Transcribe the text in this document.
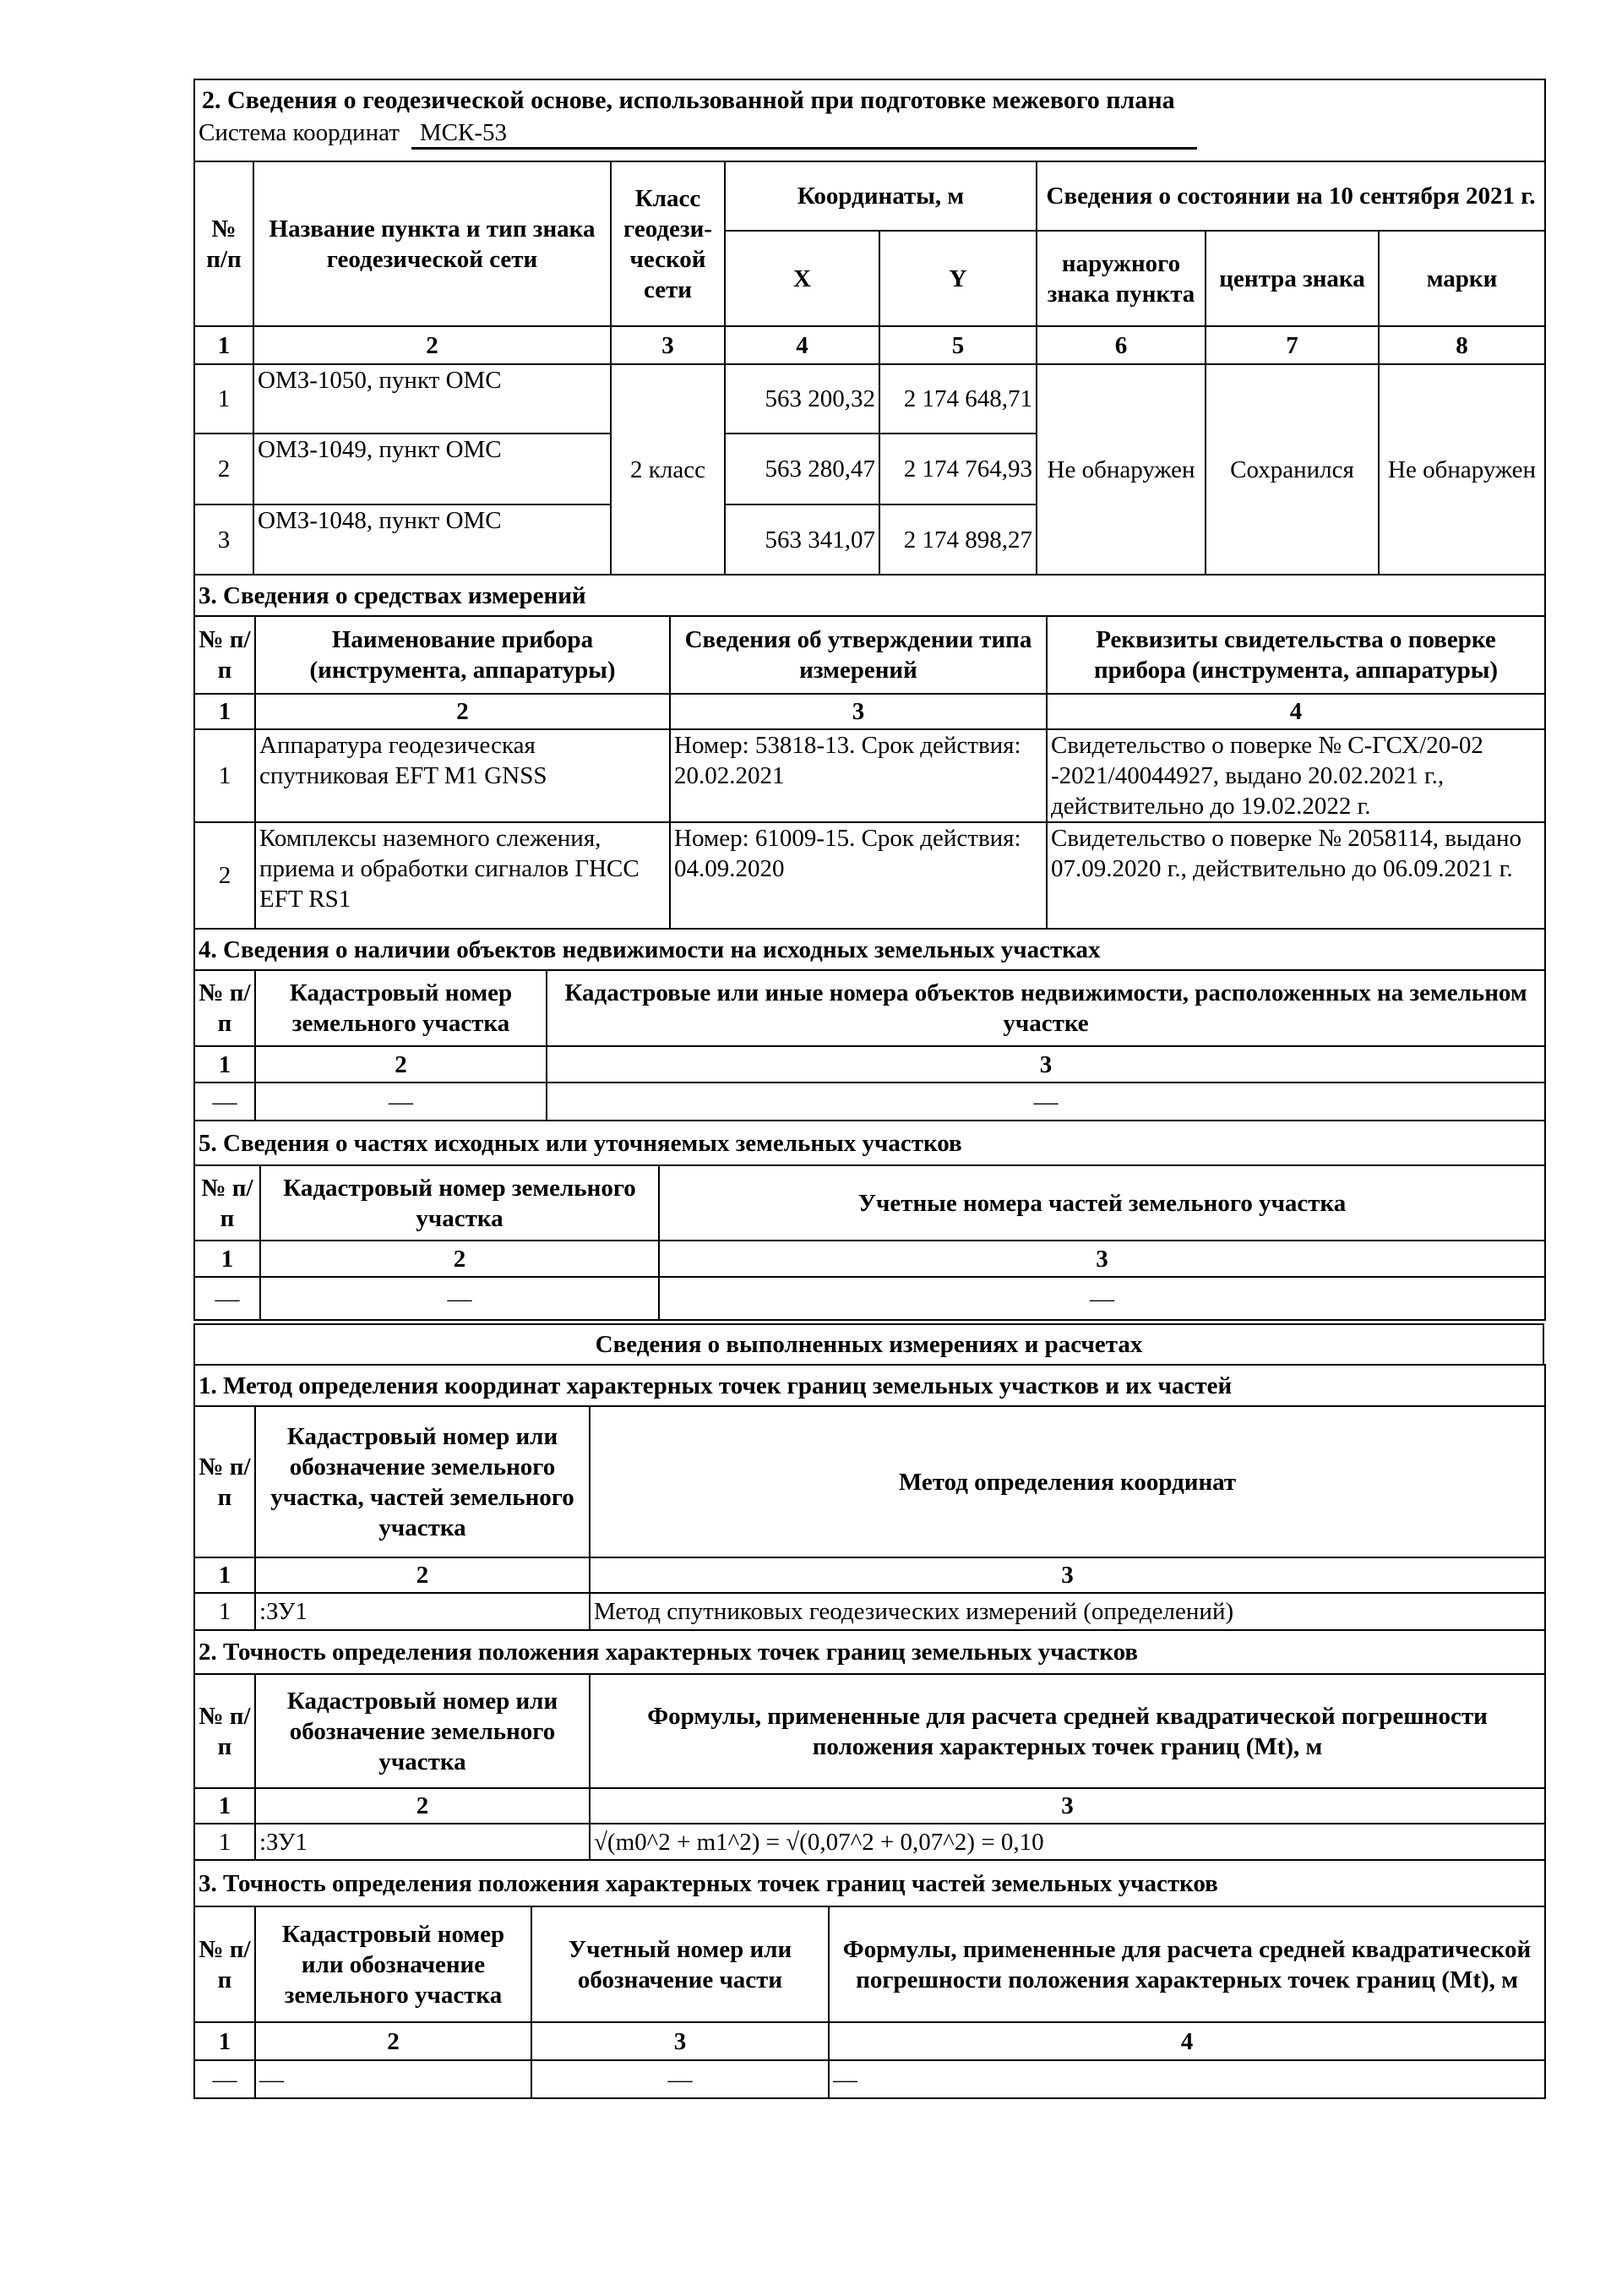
2. Сведения о геодезической основе, использованной при подготовке межевого плана
Система координат МСК-53							

№ п/п	Название пункта и тип знака геодезической сети	Класс геодези-ческой сети	Координаты, м		Сведения о состоянии на 10 сентября 2021 г.		
			X	Y	наружного знака пункта	центра знака	марки
1	2	3	4	5	6	7	8
1	ОМЗ-1050, пункт ОМС	2 класс	563 200,32	2 174 648,71	Не обнаружен	Сохранился	Не обнаружен
2	ОМЗ-1049, пункт ОМС		563 280,47	2 174 764,93			
3	ОМЗ-1048, пункт ОМС		563 341,07	2 174 898,27			
3. Сведения о средствах измерений			
№ п/п	Наименование прибора (инструмента, аппаратуры)	Сведения об утверждении типа измерений	Реквизиты свидетельства о поверке прибора (инструмента, аппаратуры)
1	2	3	4
1	Аппаратура геодезическая спутниковая EFT M1 GNSS	Номер: 53818-13. Срок действия: 20.02.2021	Свидетельство о поверке № С-ГСХ/20-02 -2021/40044927, выдано 20.02.2021 г., действительно до 19.02.2022 г.
2	Комплексы наземного слежения, приема и обработки сигналов ГНСС EFT RS1	Номер: 61009-15. Срок действия: 04.09.2020	Свидетельство о поверке № 2058114, выдано 07.09.2020 г., действительно до 06.09.2021 г.
4. Сведения о наличии объектов недвижимости на исходных земельных участках		
№ п/п	Кадастровый номер земельного участка	Кадастровые или иные номера объектов недвижимости, расположенных на земельном участке
1	2	3
—	—	—
5. Сведения о частях исходных или уточняемых земельных участков		
№ п/п	Кадастровый номер земельного участка	Учетные номера частей земельного участка
1	2	3
—	—	—
Сведения о выполненных измерениях и расчетах
1. Метод определения координат характерных точек границ земельных участков и их частей		
№ п/п	Кадастровый номер или обозначение земельного участка, частей земельного участка	Метод определения координат
1	2	3
1	:ЗУ1	Метод спутниковых геодезических измерений (определений)
2. Точность определения положения характерных точек границ земельных участков		
№ п/п	Кадастровый номер или обозначение земельного участка	Формулы, примененные для расчета средней квадратической погрешности положения характерных точек границ (Mt), м
1	2	3
1	:ЗУ1	√(m0^2 + m1^2) = √(0,07^2 + 0,07^2) = 0,10
3. Точность определения положения характерных точек границ частей земельных участков			
№ п/п	Кадастровый номер или обозначение земельного участка	Учетный номер или обозначение части	Формулы, примененные для расчета средней квадратической погрешности положения характерных точек границ (Mt), м
1	2	3	4
—	—	—	—
